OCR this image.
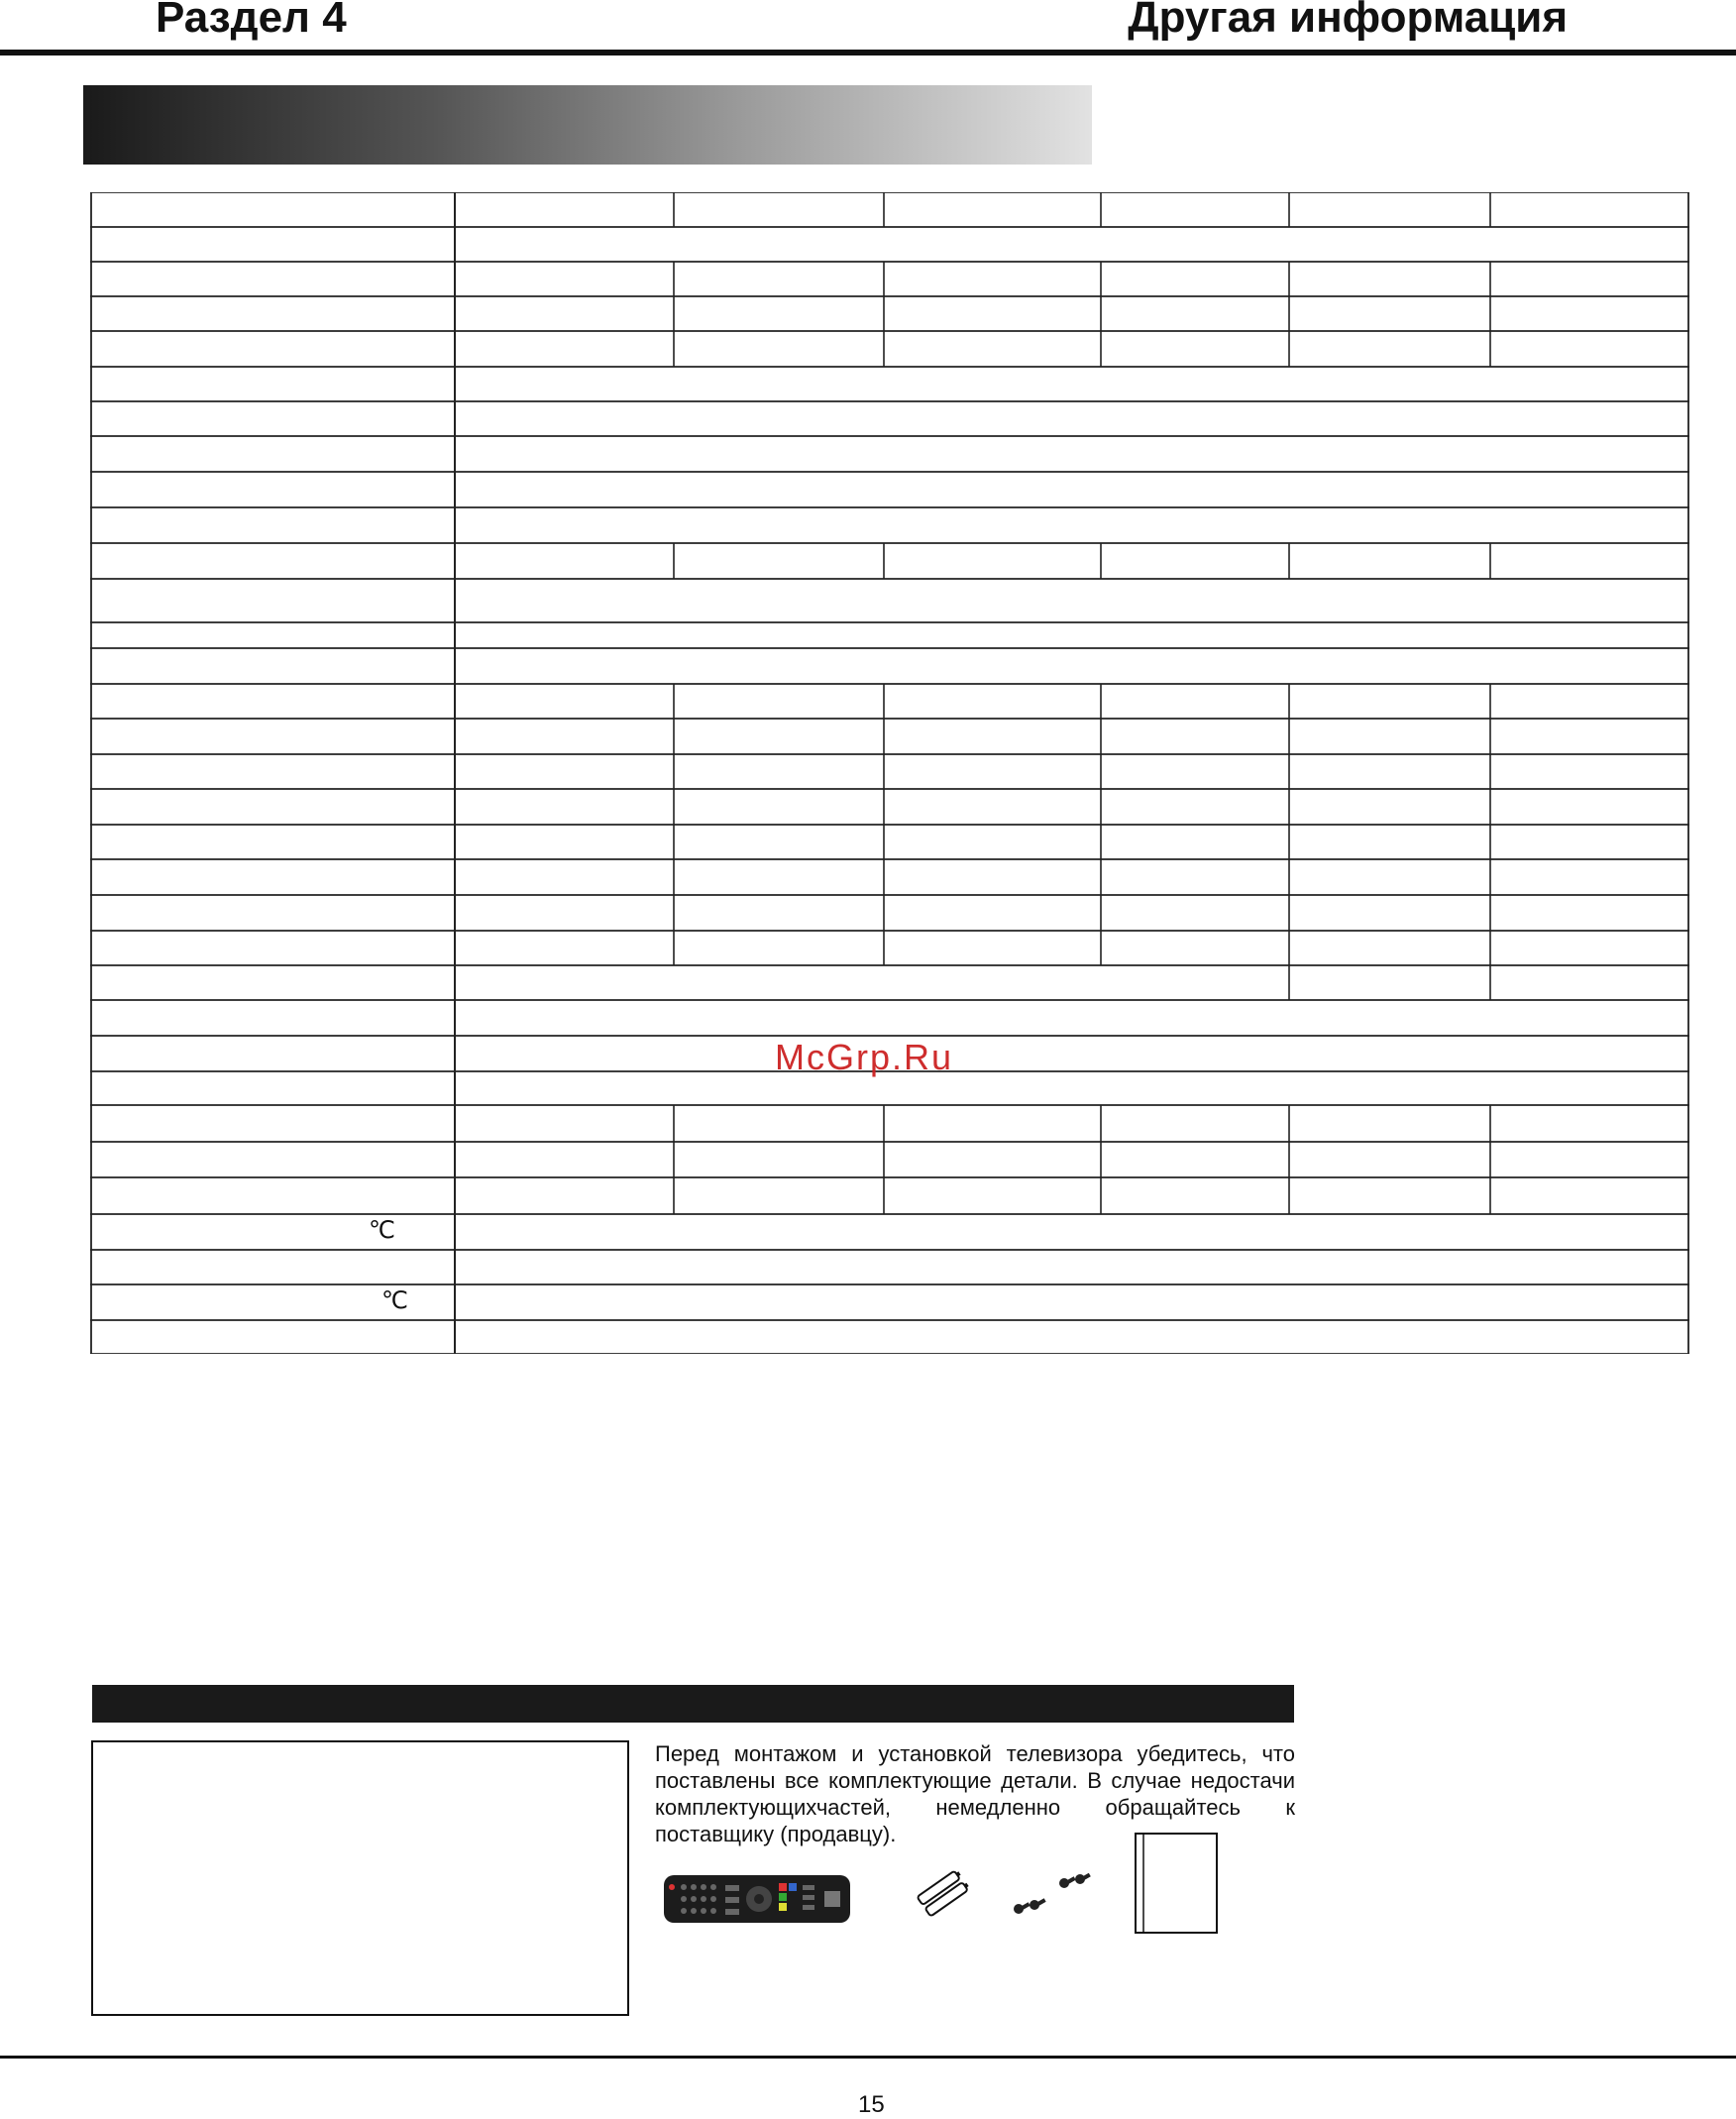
Раздел 4	Другая информация
℃
℃
McGrp.Ru
Перед монтажом и установкой телевизора убедитесь, что поставлены все комплектующие детали. В случае недостачи комплектующихчастей, немедленно обращайтесь к поставщику (продавцу).
15
